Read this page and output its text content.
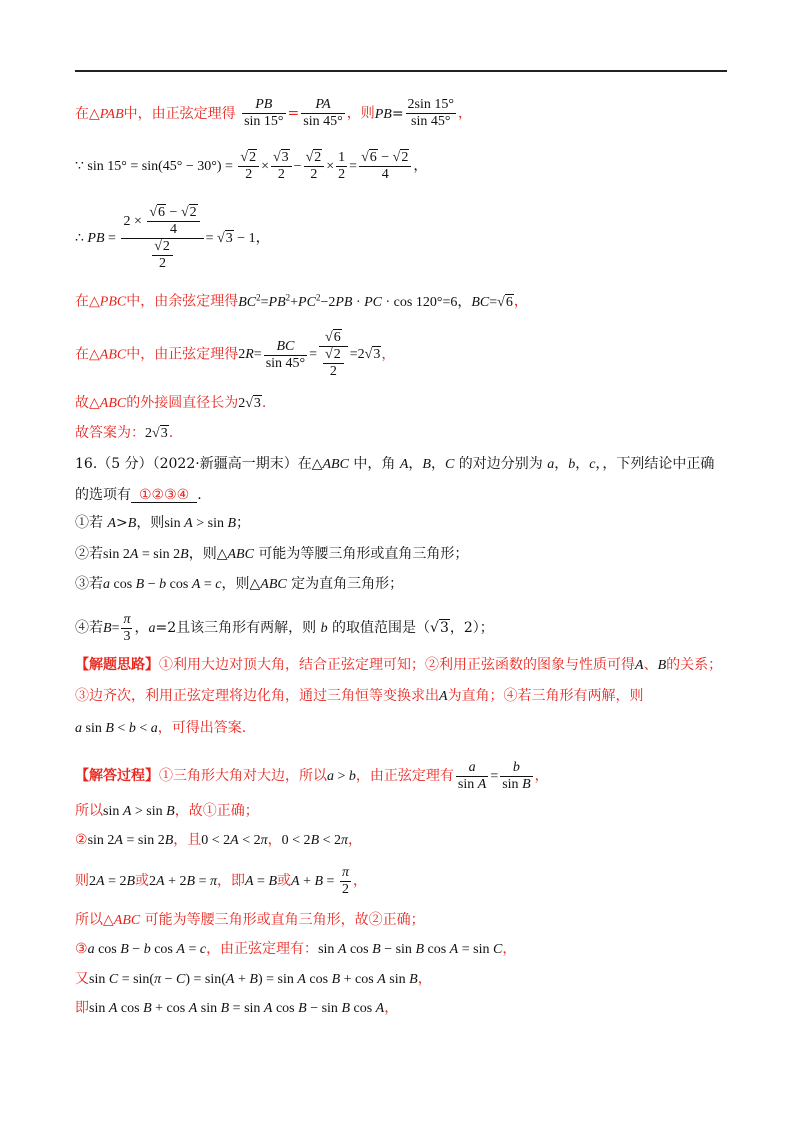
在△PAB中，由正弦定理得 $\frac{PB}{\sin 15^\circ} = \frac{PA}{\sin 45^\circ}$ ，则$PB= \frac{2\sin 15^\circ}{\sin 45^\circ}$ ，
∵ $\sin 15^\circ = \sin(45^\circ - 30^\circ) = \frac{√2}{2} \times \frac{√3}{2} - \frac{√2}{2} \times \frac{1}{2} = \frac{√6 - √2}{4}$ ，
∴ PB = $\frac{2 \times \frac{√6 - √2}{4}}{\frac{√2}{2}} = √3 - 1$，
在△PBC中，由余弦定理得$BC^2=PB^2+PC^2-2PB$ · PC · cos 120°=6，BC=√6，
在△ABC中，由正弦定理得$2R= \frac{BC}{\sin 45^\circ} = \frac{√6}{\frac{√2}{2}} =2√3$，
故△ABC的外接圆直径长为2√3.
故答案为：2√3.
16.（5 分）（2022·新疆高一期末）在△ABC 中，角 A，B，C 的对边分别为 a，b，c，，下列结论中正确
的选项有 ①②③④ .
①若 A>B，则sin A > sin B；
②若sin 2A = sin 2B，则△ABC 可能为等腰三角形或直角三角形；
③若a cos B − b cos A = c，则△ABC 定为直角三角形；
④若$B= \frac{\pi}{3}$ ，a=2且该三角形有两解，则 b 的取值范围是（√3，2）；
【解题思路】①利用大边对顶大角，结合正弦定理可知；②利用正弦函数的图象与性质可得A、B的关系；
③边齐次，利用正弦定理将边化角，通过三角恒等变换求出A为直角；④若三角形有两解，则
a sin B < b < a，可得出答案.
【解答过程】①三角形大角对大边，所以a > b，由正弦定理有 $\frac{a}{\text{sin A}} = \frac{b}{\text{sin B}}$ ，
所以sin A > sin B，故①正确；
②sin 2A = sin 2B，且0 < 2A < 2π，0 < 2B < 2π，
则2A = 2B或2A + 2B = π，即A = B或$A + B = \frac{\pi}{2}$ ，
所以△ABC 可能为等腰三角形或直角三角形，故②正确；
③a cos B − b cos A = c，由正弦定理有：sin A cos B − sin B cos A = sin C，
又sin C = sin(π − C) = sin(A + B) = sin A cos B + cos A sin B，
即sin A cos B + cos A sin B = sin A cos B − sin B cos A，
